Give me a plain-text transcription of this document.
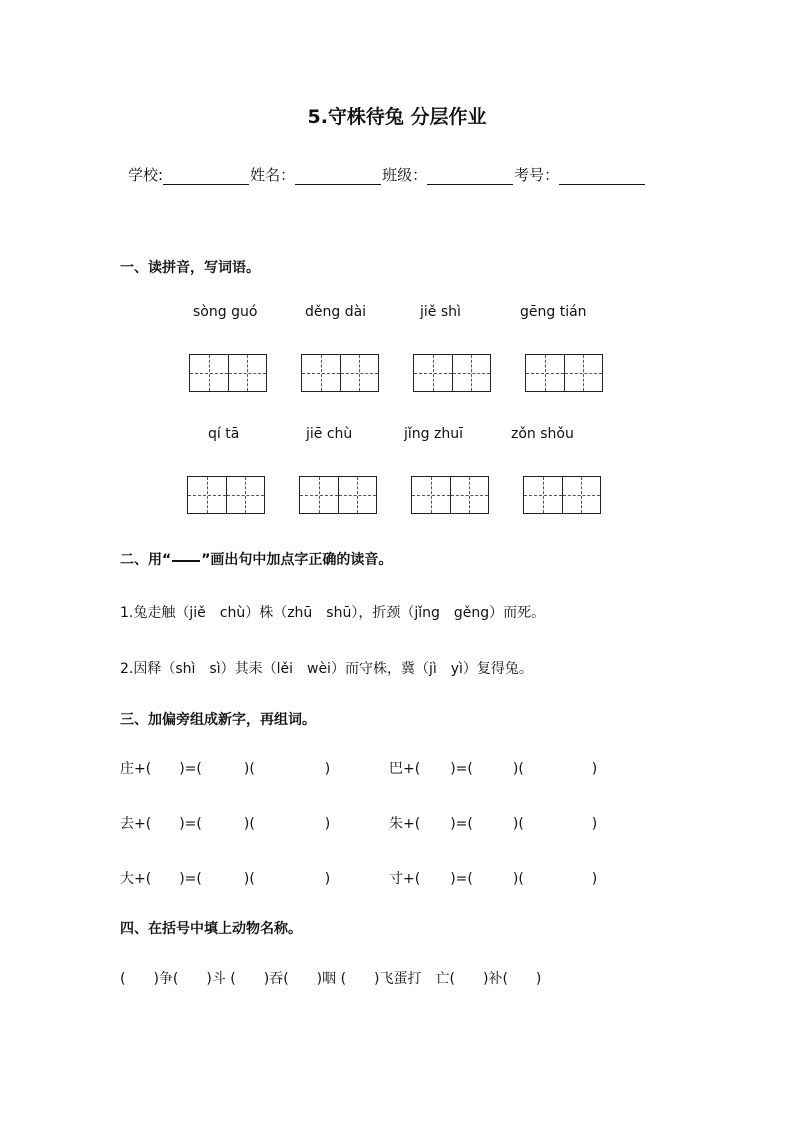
5.守株待兔 分层作业
学校:	姓名：	班级：	考号：
一、读拼音，写词语。
sòng guó	děng dài	jiě shì	gēng tián
qí tā	jiē chù	jǐng zhuī	zǒn shǒu
二、用“ ”画出句中加点字正确的读音。
1.兔走触（jiě　chù）株（zhū　shū），折颈（jǐng　gěng）而死。
2.因释（shì　sì）其耒（lěi　wèi）而守株，冀（jì　yì）复得兔。
三、加偏旁组成新字，再组词。
庄+( )=(	)(	)	巴+( )=(	)(	)
去+( )=(	)(	)	朱+( )=(	)(	)
大+( )=(	)(	)	寸+( )=(	)(	)
四、在括号中填上动物名称。
(　　)争(　　)斗 (　　)吞(　　)咽 (　　)飞蛋打　亡(　　)补(　　)
